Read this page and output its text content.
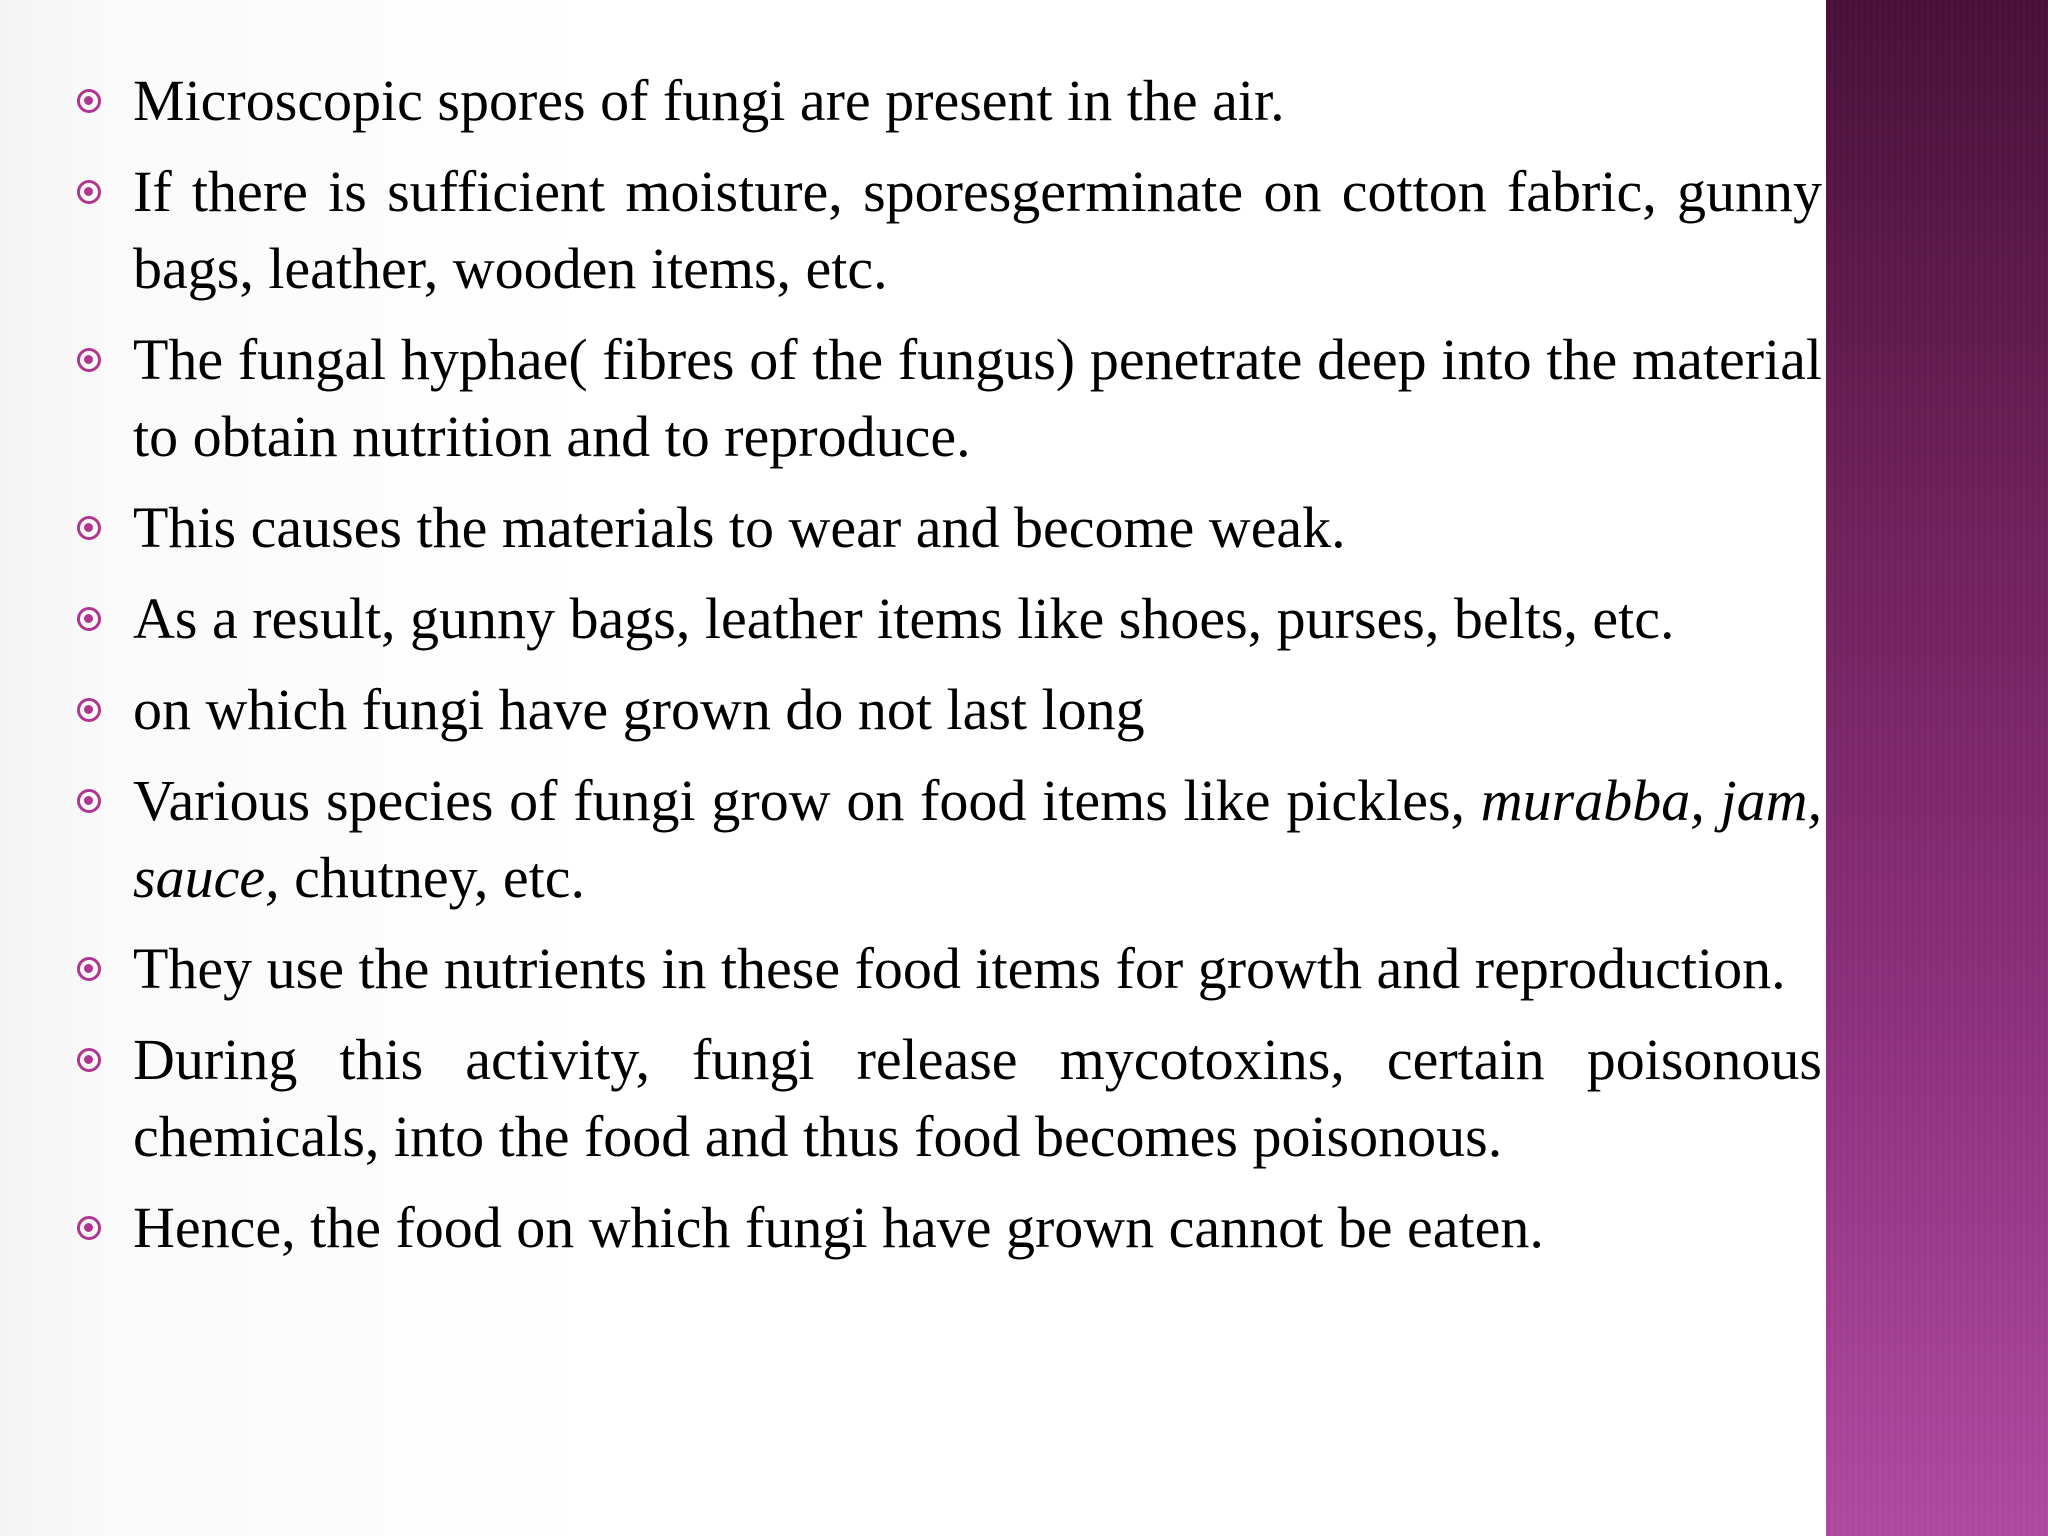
Microscopic spores of fungi are present in the air.
If there is sufficient moisture, sporesgerminate on cotton fabric, gunny bags, leather, wooden items, etc.
The fungal hyphae( fibres of the fungus) penetrate deep into the material to obtain nutrition and to reproduce.
This causes the materials to wear and become weak.
As a result, gunny bags, leather items like shoes, purses, belts, etc.
on which fungi have grown do not last long
Various species of fungi grow on food items like pickles, murabba, jam, sauce, chutney, etc.
They use the nutrients in these food items for growth and reproduction.
During this activity, fungi release mycotoxins, certain poisonous chemicals, into the food and thus food becomes poisonous.
Hence, the food on which fungi have grown cannot be eaten.
